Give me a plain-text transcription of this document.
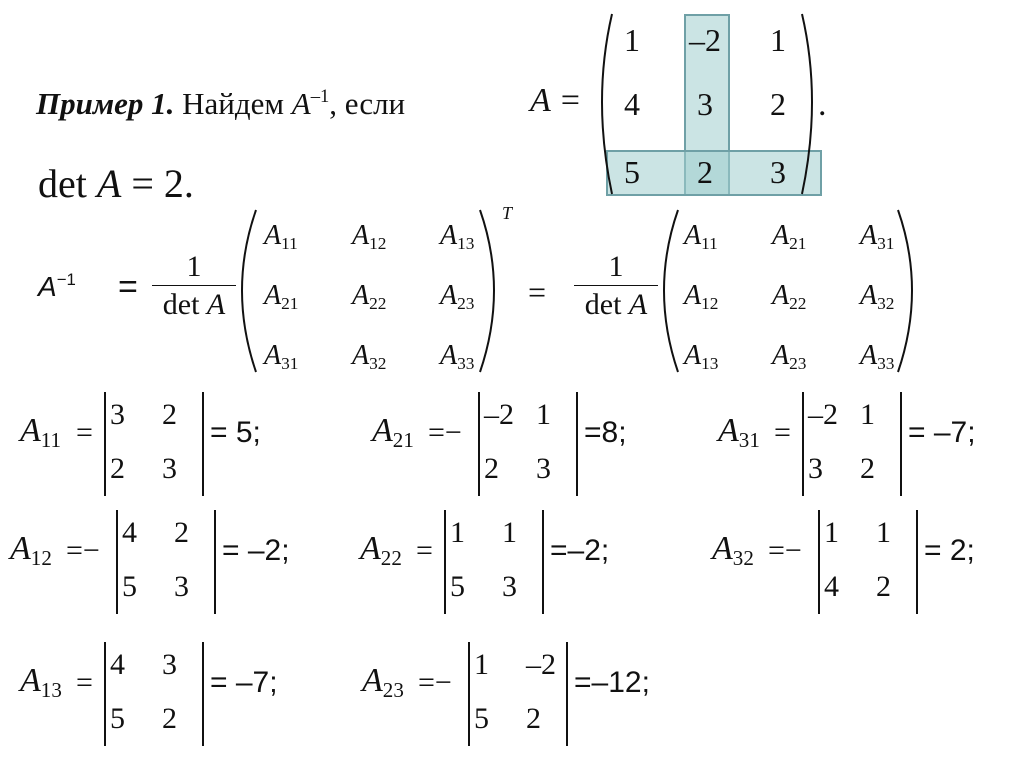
Пример 1. Найдем $A^{-1}$, если	A =
1	–2	1
4	3	2
5	2	3
.
det A = 2.
$A^{-1}$ =
1
det A
T
$A_{11}$ $A_{12}$ $A_{13}$
$A_{21}$ $A_{22}$ $A_{23}$
$A_{31}$ $A_{32}$ $A_{33}$
=
1
det A
$A_{11}$ $A_{21}$ $A_{31}$
$A_{12}$ $A_{22}$ $A_{32}$
$A_{13}$ $A_{23}$ $A_{33}$
$A_{11}$ =
3 2
2 3
= 5;	$A_{21}$ =−
–2 1
2 3
=8;	$A_{31}$ =
–2 1
3 2
= –7;
$A_{12}$ =−
4 2
5 3
= –2; $A_{22}$ =
1 1
5 3
=–2;	$A_{32}$ =−
1 1
4 2
= 2;
$A_{13}$ =
4 3
5 2
= –7; $A_{23}$ =−
1 –2
5 2
=–12;
